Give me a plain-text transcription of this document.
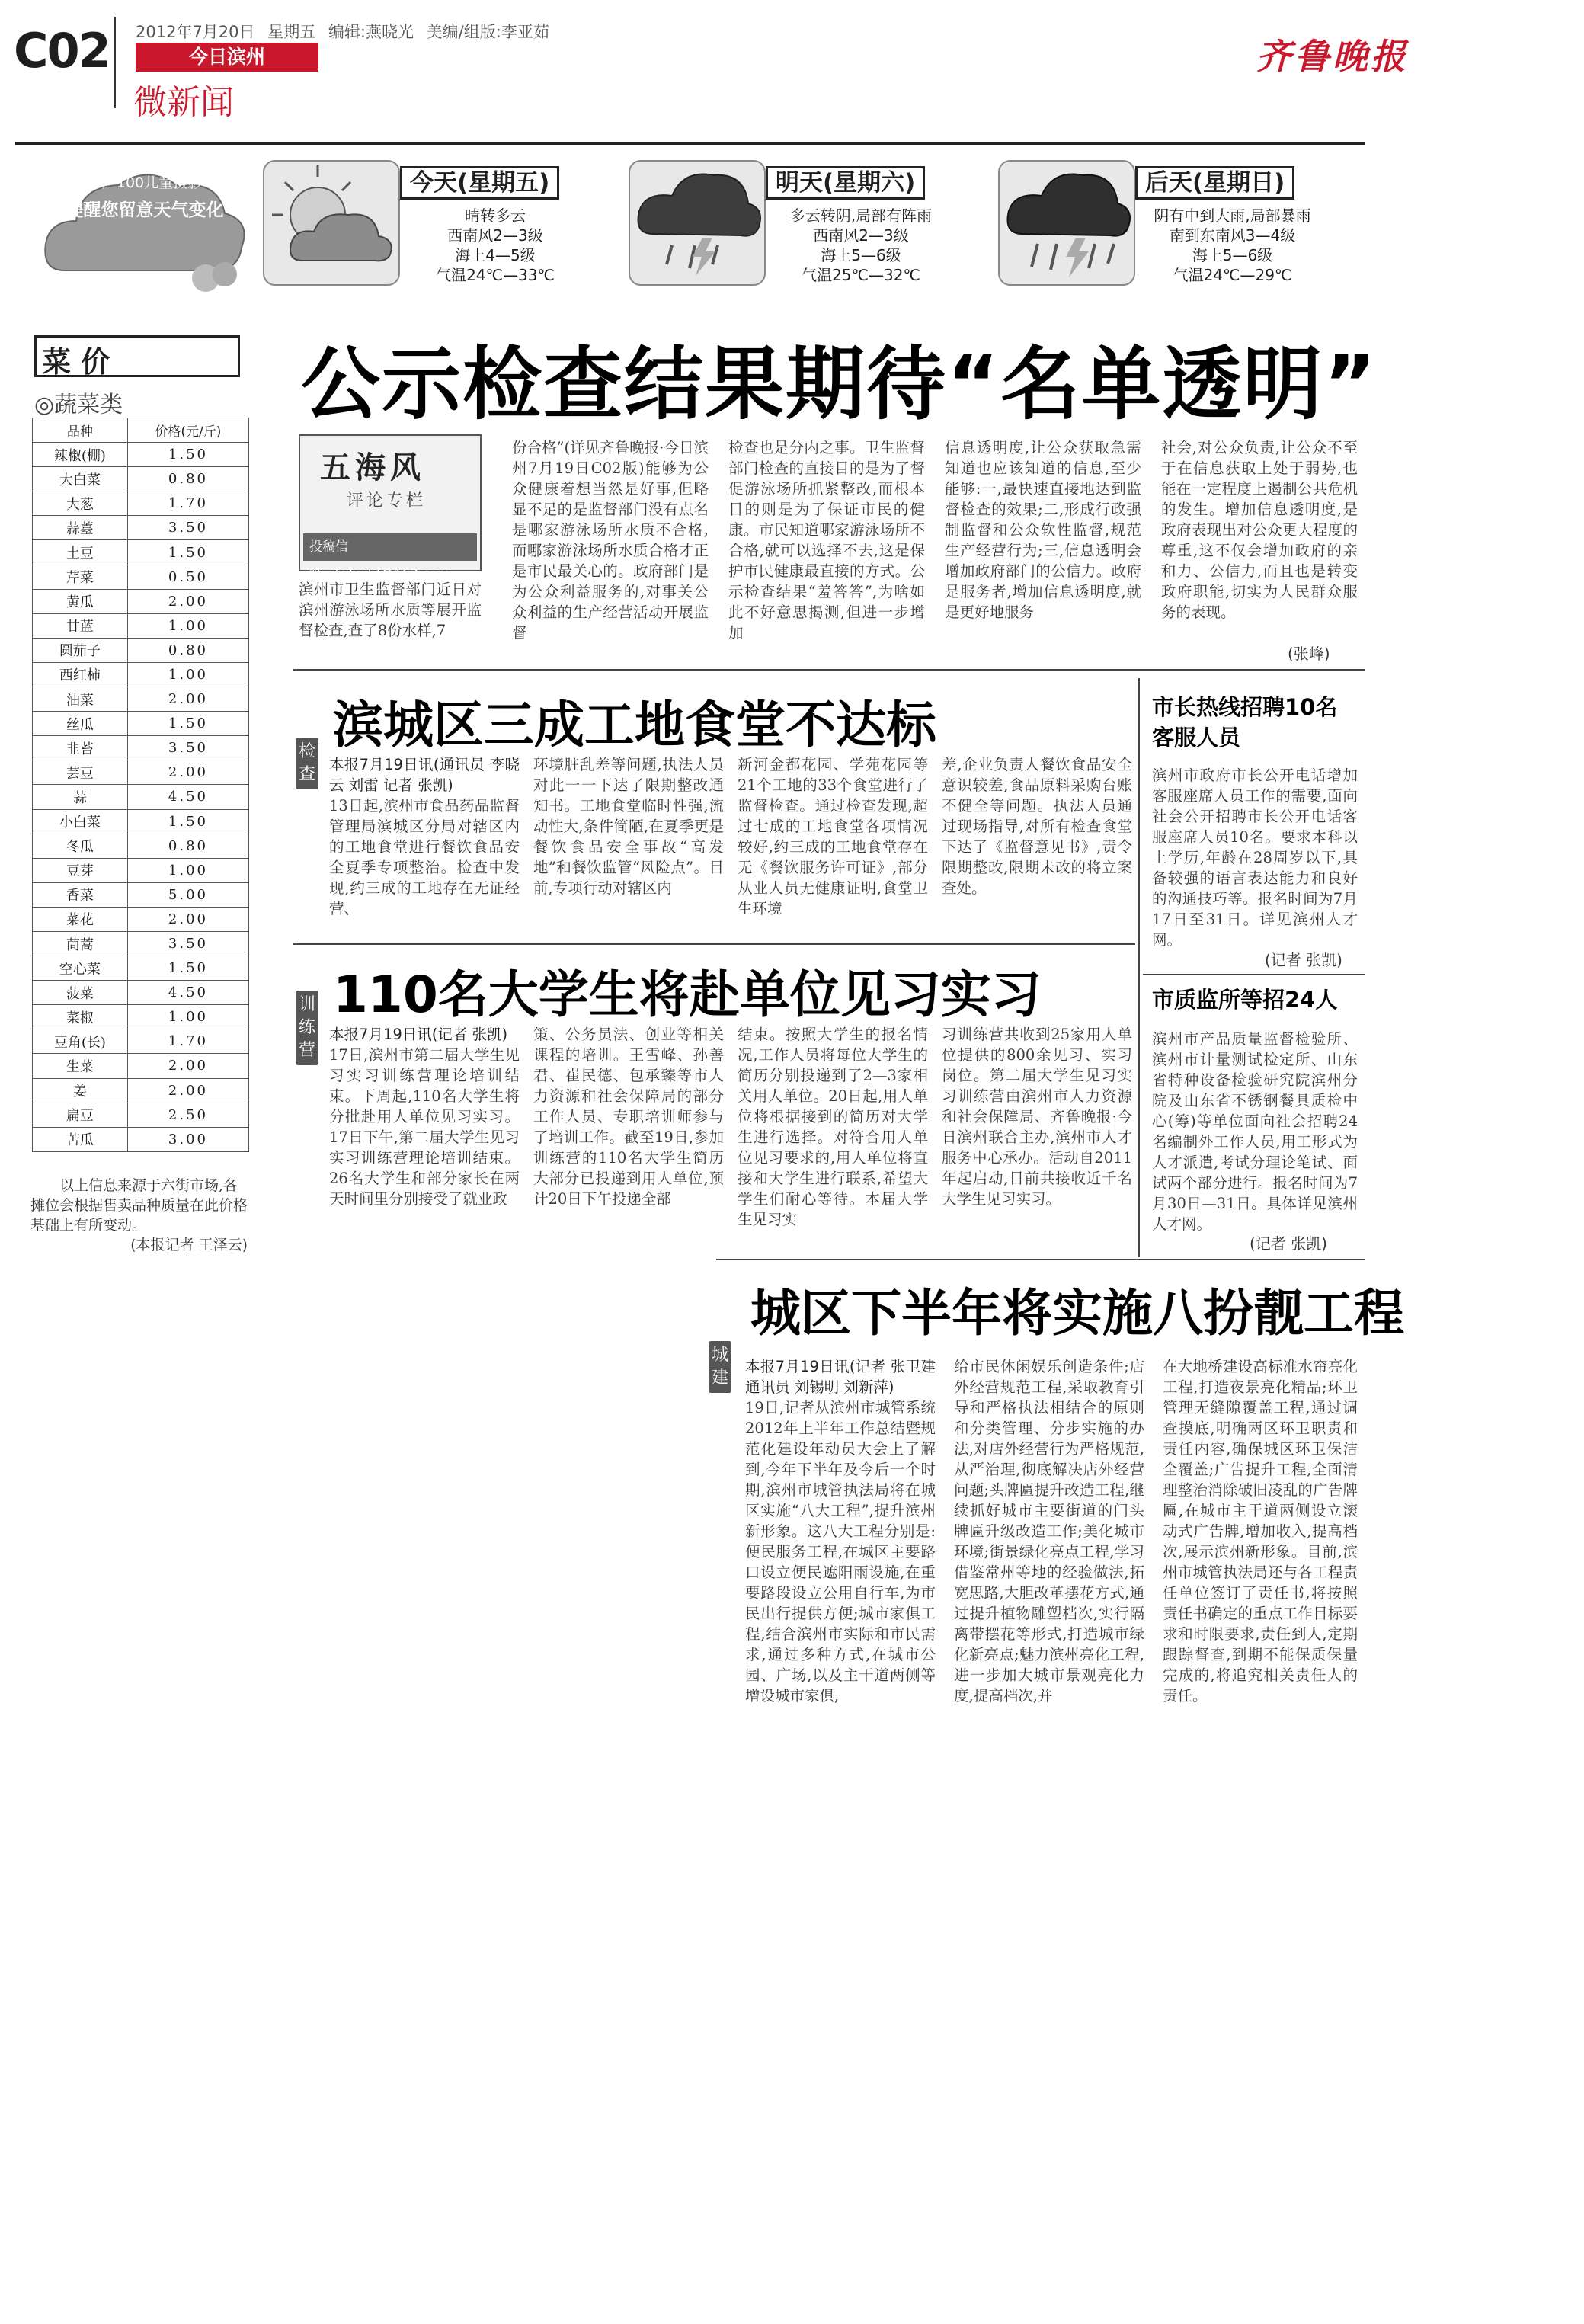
C02 2012年7月20日 星期五 编辑:燕晓光 美编/组版:李亚茹
今日滨州
微新闻
齐鲁晚报
小广100儿童摄影
提醒您留意天气变化
今天(星期五)
晴转多云
西南风2—3级
海上4—5级
气温24℃—33℃
明天(星期六)
多云转阴,局部有阵雨
西南风2—3级
海上5—6级
气温25℃—32℃
后天(星期日)
阴有中到大雨,局部暴雨
南到东南风3—4级
海上5—6级
气温24℃—29℃
菜 价
◎蔬菜类
品种	价格(元/斤)
辣椒(棚)	1.50
大白菜	0.80
大葱	1.70
蒜薹	3.50
土豆	1.50
芹菜	0.50
黄瓜	2.00
甘蓝	1.00
圆茄子	0.80
西红柿	1.00
油菜	2.00
丝瓜	1.50
韭苔	3.50
芸豆	2.00
蒜	4.50
小白菜	1.50
冬瓜	0.80
豆芽	1.00
香菜	5.00
菜花	2.00
茼蒿	3.50
空心菜	1.50
菠菜	4.50
菜椒	1.00
豆角(长)	1.70
生菜	2.00
姜	2.00
扁豆	2.50
苦瓜	3.00
以上信息来源于六街市场,各摊位会根据售卖品种质量在此价格基础上有所变动。
(本报记者 王泽云)
公示检查结果期待“名单透明”
五海风
评论专栏
投稿信箱:qlwbwhf@163.com
滨州市卫生监督部门近日对滨州游泳场所水质等展开监督检查,查了8份水样,7
份合格”(详见齐鲁晚报·今日滨州7月19日C02版)能够为公众健康着想当然是好事,但略显不足的是监督部门没有点名是哪家游泳场所水质不合格,而哪家游泳场所水质合格才正是市民最关心的。政府部门是为公众利益服务的,对事关公众利益的生产经营活动开展监督
检查也是分内之事。卫生监督部门检查的直接目的是为了督促游泳场所抓紧整改,而根本目的则是为了保证市民的健康。市民知道哪家游泳场所不合格,就可以选择不去,这是保护市民健康最直接的方式。公示检查结果“羞答答”,为啥如此不好意思揭测,但进一步增加
信息透明度,让公众获取急需知道也应该知道的信息,至少能够:一,最快速直接地达到监督检查的效果;二,形成行政强制监督和公众软性监督,规范生产经营行为;三,信息透明会增加政府部门的公信力。政府是服务者,增加信息透明度,就是更好地服务
社会,对公众负责,让公众不至于在信息获取上处于弱势,也能在一定程度上遏制公共危机的发生。增加信息透明度,是政府表现出对公众更大程度的尊重,这不仅会增加政府的亲和力、公信力,而且也是转变政府职能,切实为人民群众服务的表现。
(张峰)
滨城区三成工地食堂不达标
检查
本报7月19日讯(通讯员 李晓云 刘雷 记者 张凯)
13日起,滨州市食品药品监督管理局滨城区分局对辖区内的工地食堂进行餐饮食品安全夏季专项整治。检查中发现,约三成的工地存在无证经营、
环境脏乱差等问题,执法人员对此一一下达了限期整改通知书。工地食堂临时性强,流动性大,条件简陋,在夏季更是餐饮食品安全事故“高发地”和餐饮监管“风险点”。目前,专项行动对辖区内
新河金都花园、学苑花园等21个工地的33个食堂进行了监督检查。通过检查发现,超过七成的工地食堂各项情况较好,约三成的工地食堂存在无《餐饮服务许可证》,部分从业人员无健康证明,食堂卫生环境
差,企业负责人餐饮食品安全意识较差,食品原料采购台账不健全等问题。执法人员通过现场指导,对所有检查食堂下达了《监督意见书》,责令限期整改,限期未改的将立案查处。
市长热线招聘10名客服人员
滨州市政府市长公开电话增加客服座席人员工作的需要,面向社会公开招聘市长公开电话客服座席人员10名。要求本科以上学历,年龄在28周岁以下,具备较强的语言表达能力和良好的沟通技巧等。报名时间为7月17日至31日。详见滨州人才网。
(记者 张凯)
市质监所等招24人
滨州市产品质量监督检验所、滨州市计量测试检定所、山东省特种设备检验研究院滨州分院及山东省不锈钢餐具质检中心(筹)等单位面向社会招聘24名编制外工作人员,用工形式为人才派遣,考试分理论笔试、面试两个部分进行。报名时间为7月30日—31日。具体详见滨州人才网。
(记者 张凯)
110名大学生将赴单位见习实习
训练营
本报7月19日讯(记者 张凯)
17日,滨州市第二届大学生见习实习训练营理论培训结束。下周起,110名大学生将分批赴用人单位见习实习。17日下午,第二届大学生见习实习训练营理论培训结束。26名大学生和部分家长在两天时间里分别接受了就业政
策、公务员法、创业等相关课程的培训。王雪峰、孙善君、崔民德、包承臻等市人力资源和社会保障局的部分工作人员、专职培训师参与了培训工作。截至19日,参加训练营的110名大学生简历大部分已投递到用人单位,预计20日下午投递全部
结束。按照大学生的报名情况,工作人员将每位大学生的简历分别投递到了2—3家相关用人单位。20日起,用人单位将根据接到的简历对大学生进行选择。对符合用人单位见习要求的,用人单位将直接和大学生进行联系,希望大学生们耐心等待。本届大学生见习实
习训练营共收到25家用人单位提供的800余见习、实习岗位。第二届大学生见习实习训练营由滨州市人力资源和社会保障局、齐鲁晚报·今日滨州联合主办,滨州市人才服务中心承办。活动自2011年起启动,目前共接收近千名大学生见习实习。
城区下半年将实施八扮靓工程
城建
本报7月19日讯(记者 张卫建 通讯员 刘锡明 刘新萍)
19日,记者从滨州市城管系统2012年上半年工作总结暨规范化建设年动员大会上了解到,今年下半年及今后一个时期,滨州市城管执法局将在城区实施“八大工程”,提升滨州新形象。这八大工程分别是:便民服务工程,在城区主要路口设立便民遮阳雨设施,在重要路段设立公用自行车,为市民出行提供方便;城市家俱工程,结合滨州市实际和市民需求,通过多种方式,在城市公园、广场,以及主干道两侧等增设城市家俱,
给市民休闲娱乐创造条件;店外经营规范工程,采取教育引导和严格执法相结合的原则和分类管理、分步实施的办法,对店外经营行为严格规范,从严治理,彻底解决店外经营问题;头牌匾提升改造工程,继续抓好城市主要街道的门头牌匾升级改造工作;美化城市环境;街景绿化亮点工程,学习借鉴常州等地的经验做法,拓宽思路,大胆改革摆花方式,通过提升植物雕塑档次,实行隔离带摆花等形式,打造城市绿化新亮点;魅力滨州亮化工程,进一步加大城市景观亮化力度,提高档次,并
在大地桥建设高标准水帘亮化工程,打造夜景亮化精品;环卫管理无缝隙覆盖工程,通过调查摸底,明确两区环卫职责和责任内容,确保城区环卫保洁全覆盖;广告提升工程,全面清理整治消除破旧凌乱的广告牌匾,在城市主干道两侧设立滚动式广告牌,增加收入,提高档次,展示滨州新形象。目前,滨州市城管执法局还与各工程责任单位签订了责任书,将按照责任书确定的重点工作目标要求和时限要求,责任到人,定期跟踪督查,到期不能保质保量完成的,将追究相关责任人的责任。
